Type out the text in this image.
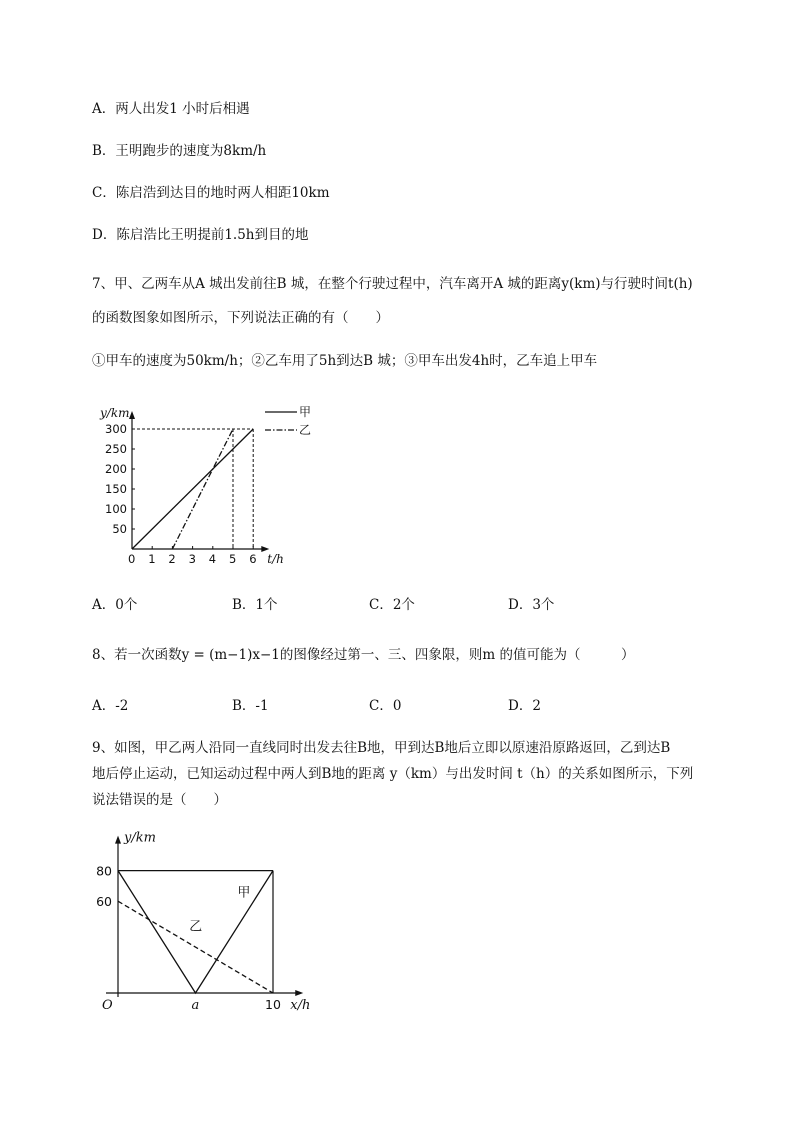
A．两人出发1 小时后相遇
B．王明跑步的速度为8km/h
C．陈启浩到达目的地时两人相距10km
D．陈启浩比王明提前1.5h到目的地
7、甲、乙两车从A 城出发前往B 城，在整个行驶过程中，汽车离开A 城的距离y(km)与行驶时间t(h)
的函数图象如图所示，下列说法正确的有（　　）
①甲车的速度为50km/h；②乙车用了5h到达B 城；③甲车出发4h时，乙车追上甲车
y/km
t/h
0 1 2 3 4 5 6
50
100
150
200
250
300
甲
乙
A．0个	B．1个	C．2个	D．3个
8、若一次函数y = (m−1)x−1的图像经过第一、三、四象限，则m 的值可能为（　　　）
A．-2	B．-1	C．0	D．2
9、如图，甲乙两人沿同一直线同时出发去往B地，甲到达B地后立即以原速沿原路返回，乙到达B
地后停止运动，已知运动过程中两人到B地的距离 y（km）与出发时间 t（h）的关系如图所示，下列
说法错误的是（　　）
y/km
x/h
60
80
O	a	10
甲
乙
